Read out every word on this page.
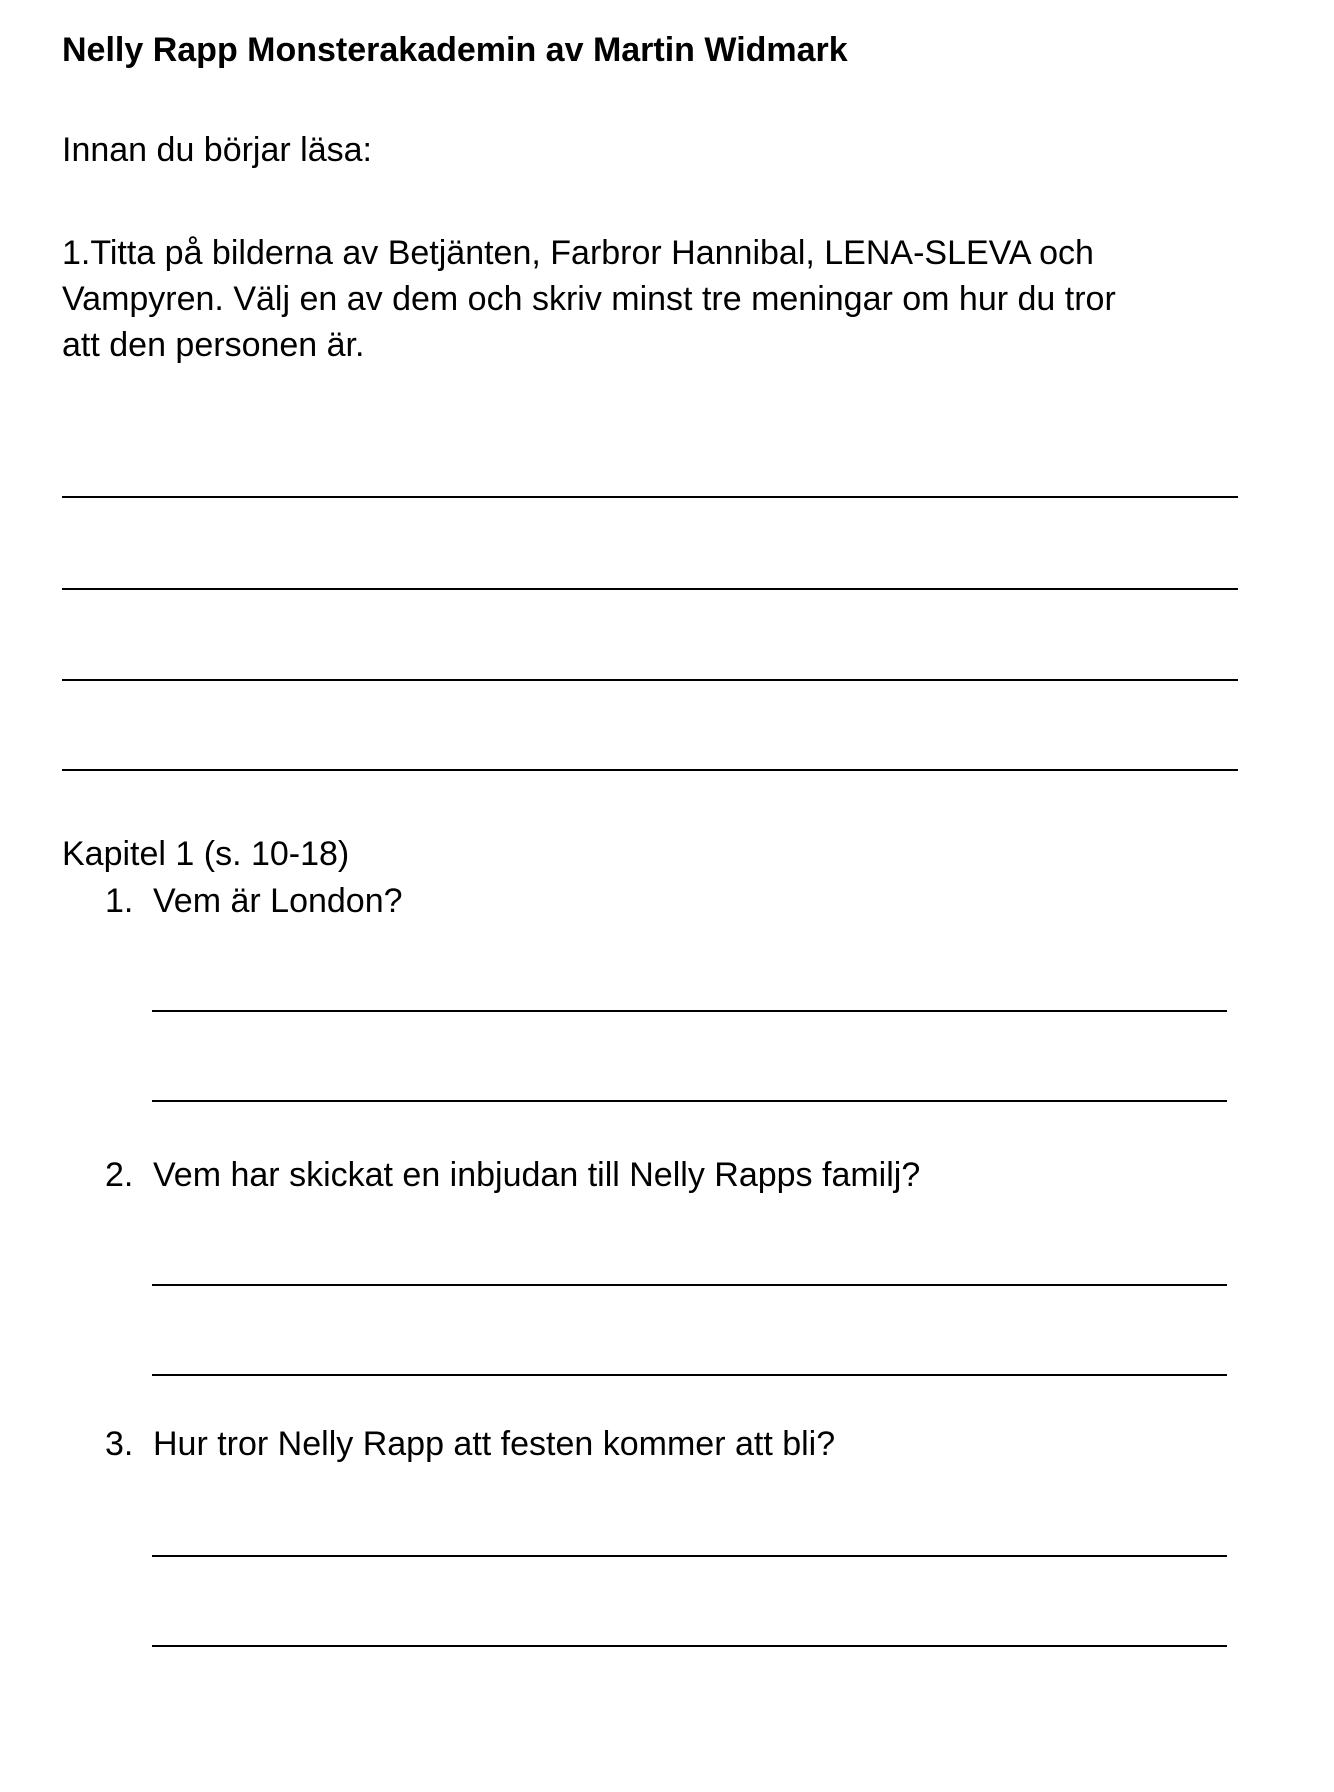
Nelly Rapp Monsterakademin av Martin Widmark
Innan du börjar läsa:
1.Titta på bilderna av Betjänten, Farbror Hannibal, LENA-SLEVA och
Vampyren. Välj en av dem och skriv minst tre meningar om hur du tror
att den personen är.
Kapitel 1 (s. 10-18)
1. Vem är London?
2. Vem har skickat en inbjudan till Nelly Rapps familj?
3. Hur tror Nelly Rapp att festen kommer att bli?
